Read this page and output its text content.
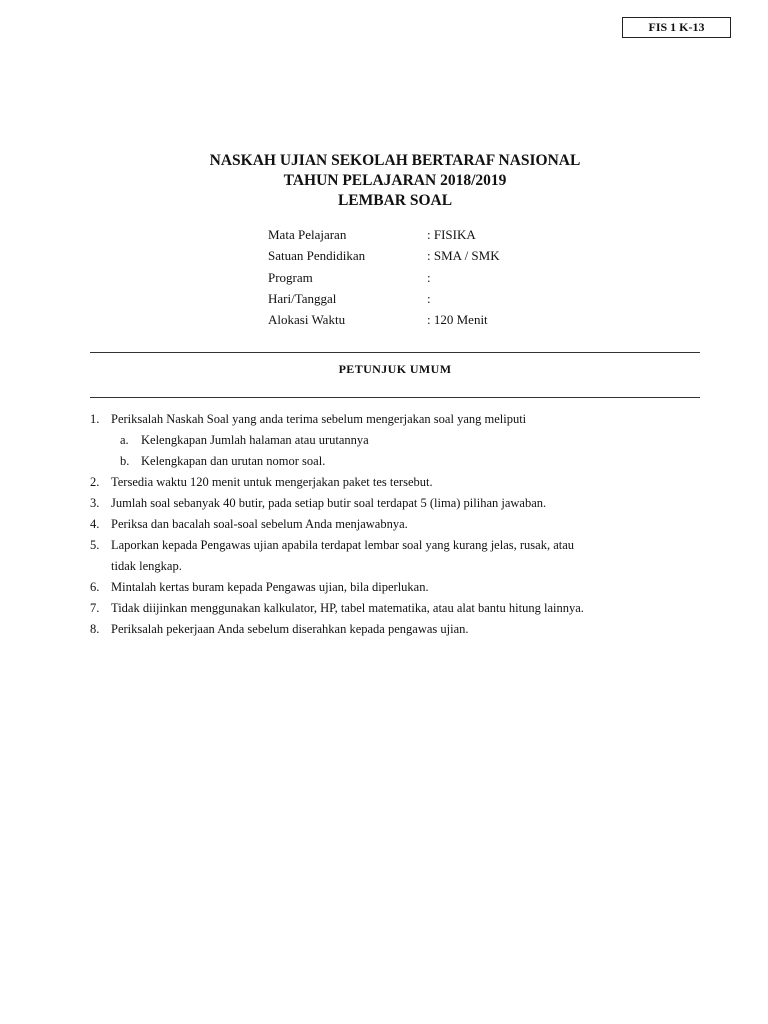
FIS 1 K-13
NASKAH UJIAN SEKOLAH BERTARAF NASIONAL
TAHUN PELAJARAN 2018/2019
LEMBAR SOAL
Mata Pelajaran	: FISIKA
Satuan Pendidikan	: SMA / SMK
Program	:
Hari/Tanggal	:
Alokasi Waktu	: 120 Menit
PETUNJUK UMUM
1. Periksalah Naskah Soal yang anda terima sebelum mengerjakan soal yang meliputi
a. Kelengkapan Jumlah halaman atau urutannya
b. Kelengkapan dan urutan nomor soal.
2. Tersedia waktu 120 menit untuk mengerjakan paket tes tersebut.
3. Jumlah soal sebanyak 40 butir, pada setiap butir soal terdapat 5 (lima) pilihan jawaban.
4. Periksa dan bacalah soal-soal sebelum Anda menjawabnya.
5. Laporkan kepada Pengawas ujian apabila terdapat lembar soal yang kurang jelas, rusak, atau
tidak lengkap.
6. Mintalah kertas buram kepada Pengawas ujian, bila diperlukan.
7. Tidak diijinkan menggunakan kalkulator, HP, tabel matematika, atau alat bantu hitung lainnya.
8. Periksalah pekerjaan Anda sebelum diserahkan kepada pengawas ujian.
